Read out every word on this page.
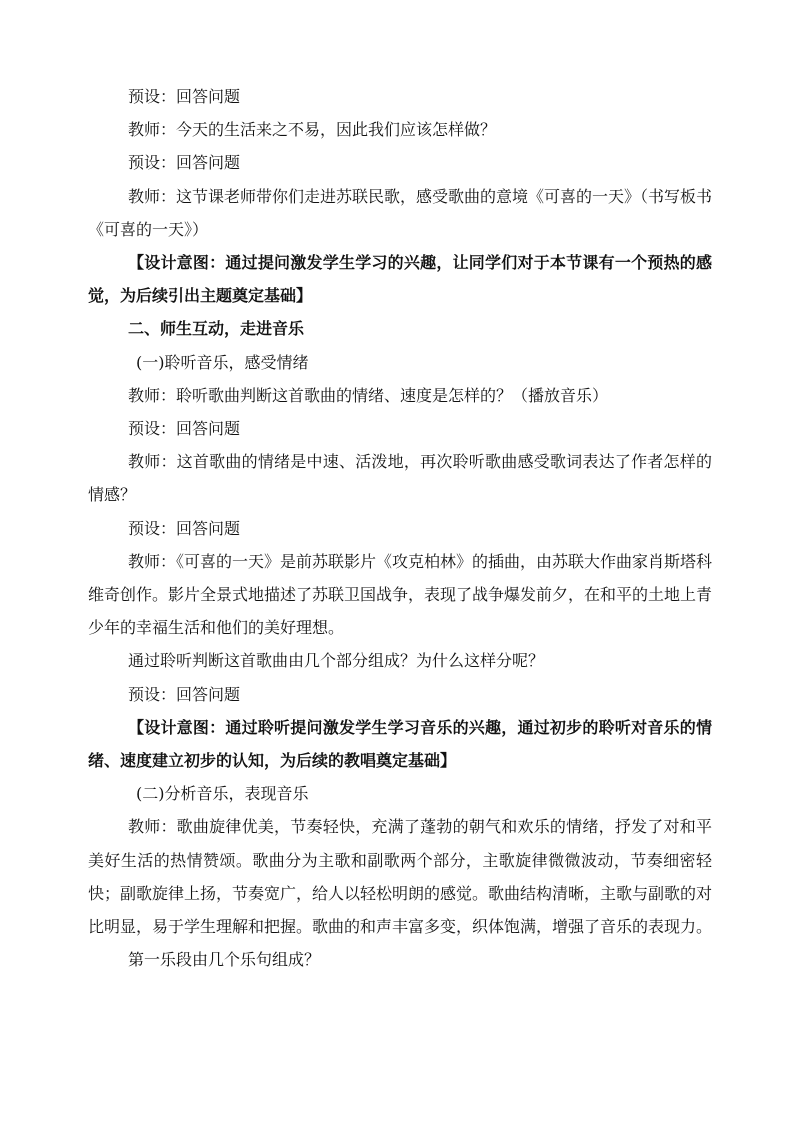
预设：回答问题

教师：今天的生活来之不易，因此我们应该怎样做？

预设：回答问题

教师：这节课老师带你们走进苏联民歌，感受歌曲的意境《可喜的一天》（书写板书《可喜的一天》）

【设计意图：通过提问激发学生学习的兴趣，让同学们对于本节课有一个预热的感觉，为后续引出主题奠定基础】

二、师生互动，走进音乐

(一)聆听音乐，感受情绪

教师：聆听歌曲判断这首歌曲的情绪、速度是怎样的？（播放音乐）

预设：回答问题

教师：这首歌曲的情绪是中速、活泼地，再次聆听歌曲感受歌词表达了作者怎样的情感？

预设：回答问题

教师：《可喜的一天》是前苏联影片《攻克柏林》的插曲，由苏联大作曲家肖斯塔科维奇创作。影片全景式地描述了苏联卫国战争，表现了战争爆发前夕，在和平的土地上青少年的幸福生活和他们的美好理想。

通过聆听判断这首歌曲由几个部分组成？为什么这样分呢？

预设：回答问题

【设计意图：通过聆听提问激发学生学习音乐的兴趣，通过初步的聆听对音乐的情绪、速度建立初步的认知，为后续的教唱奠定基础】

(二)分析音乐，表现音乐

教师：歌曲旋律优美，节奏轻快，充满了蓬勃的朝气和欢乐的情绪，抒发了对和平美好生活的热情赞颂。歌曲分为主歌和副歌两个部分，主歌旋律微微波动，节奏细密轻快；副歌旋律上扬，节奏宽广，给人以轻松明朗的感觉。歌曲结构清晰，主歌与副歌的对比明显，易于学生理解和把握。歌曲的和声丰富多变，织体饱满，增强了音乐的表现力。

第一乐段由几个乐句组成？
